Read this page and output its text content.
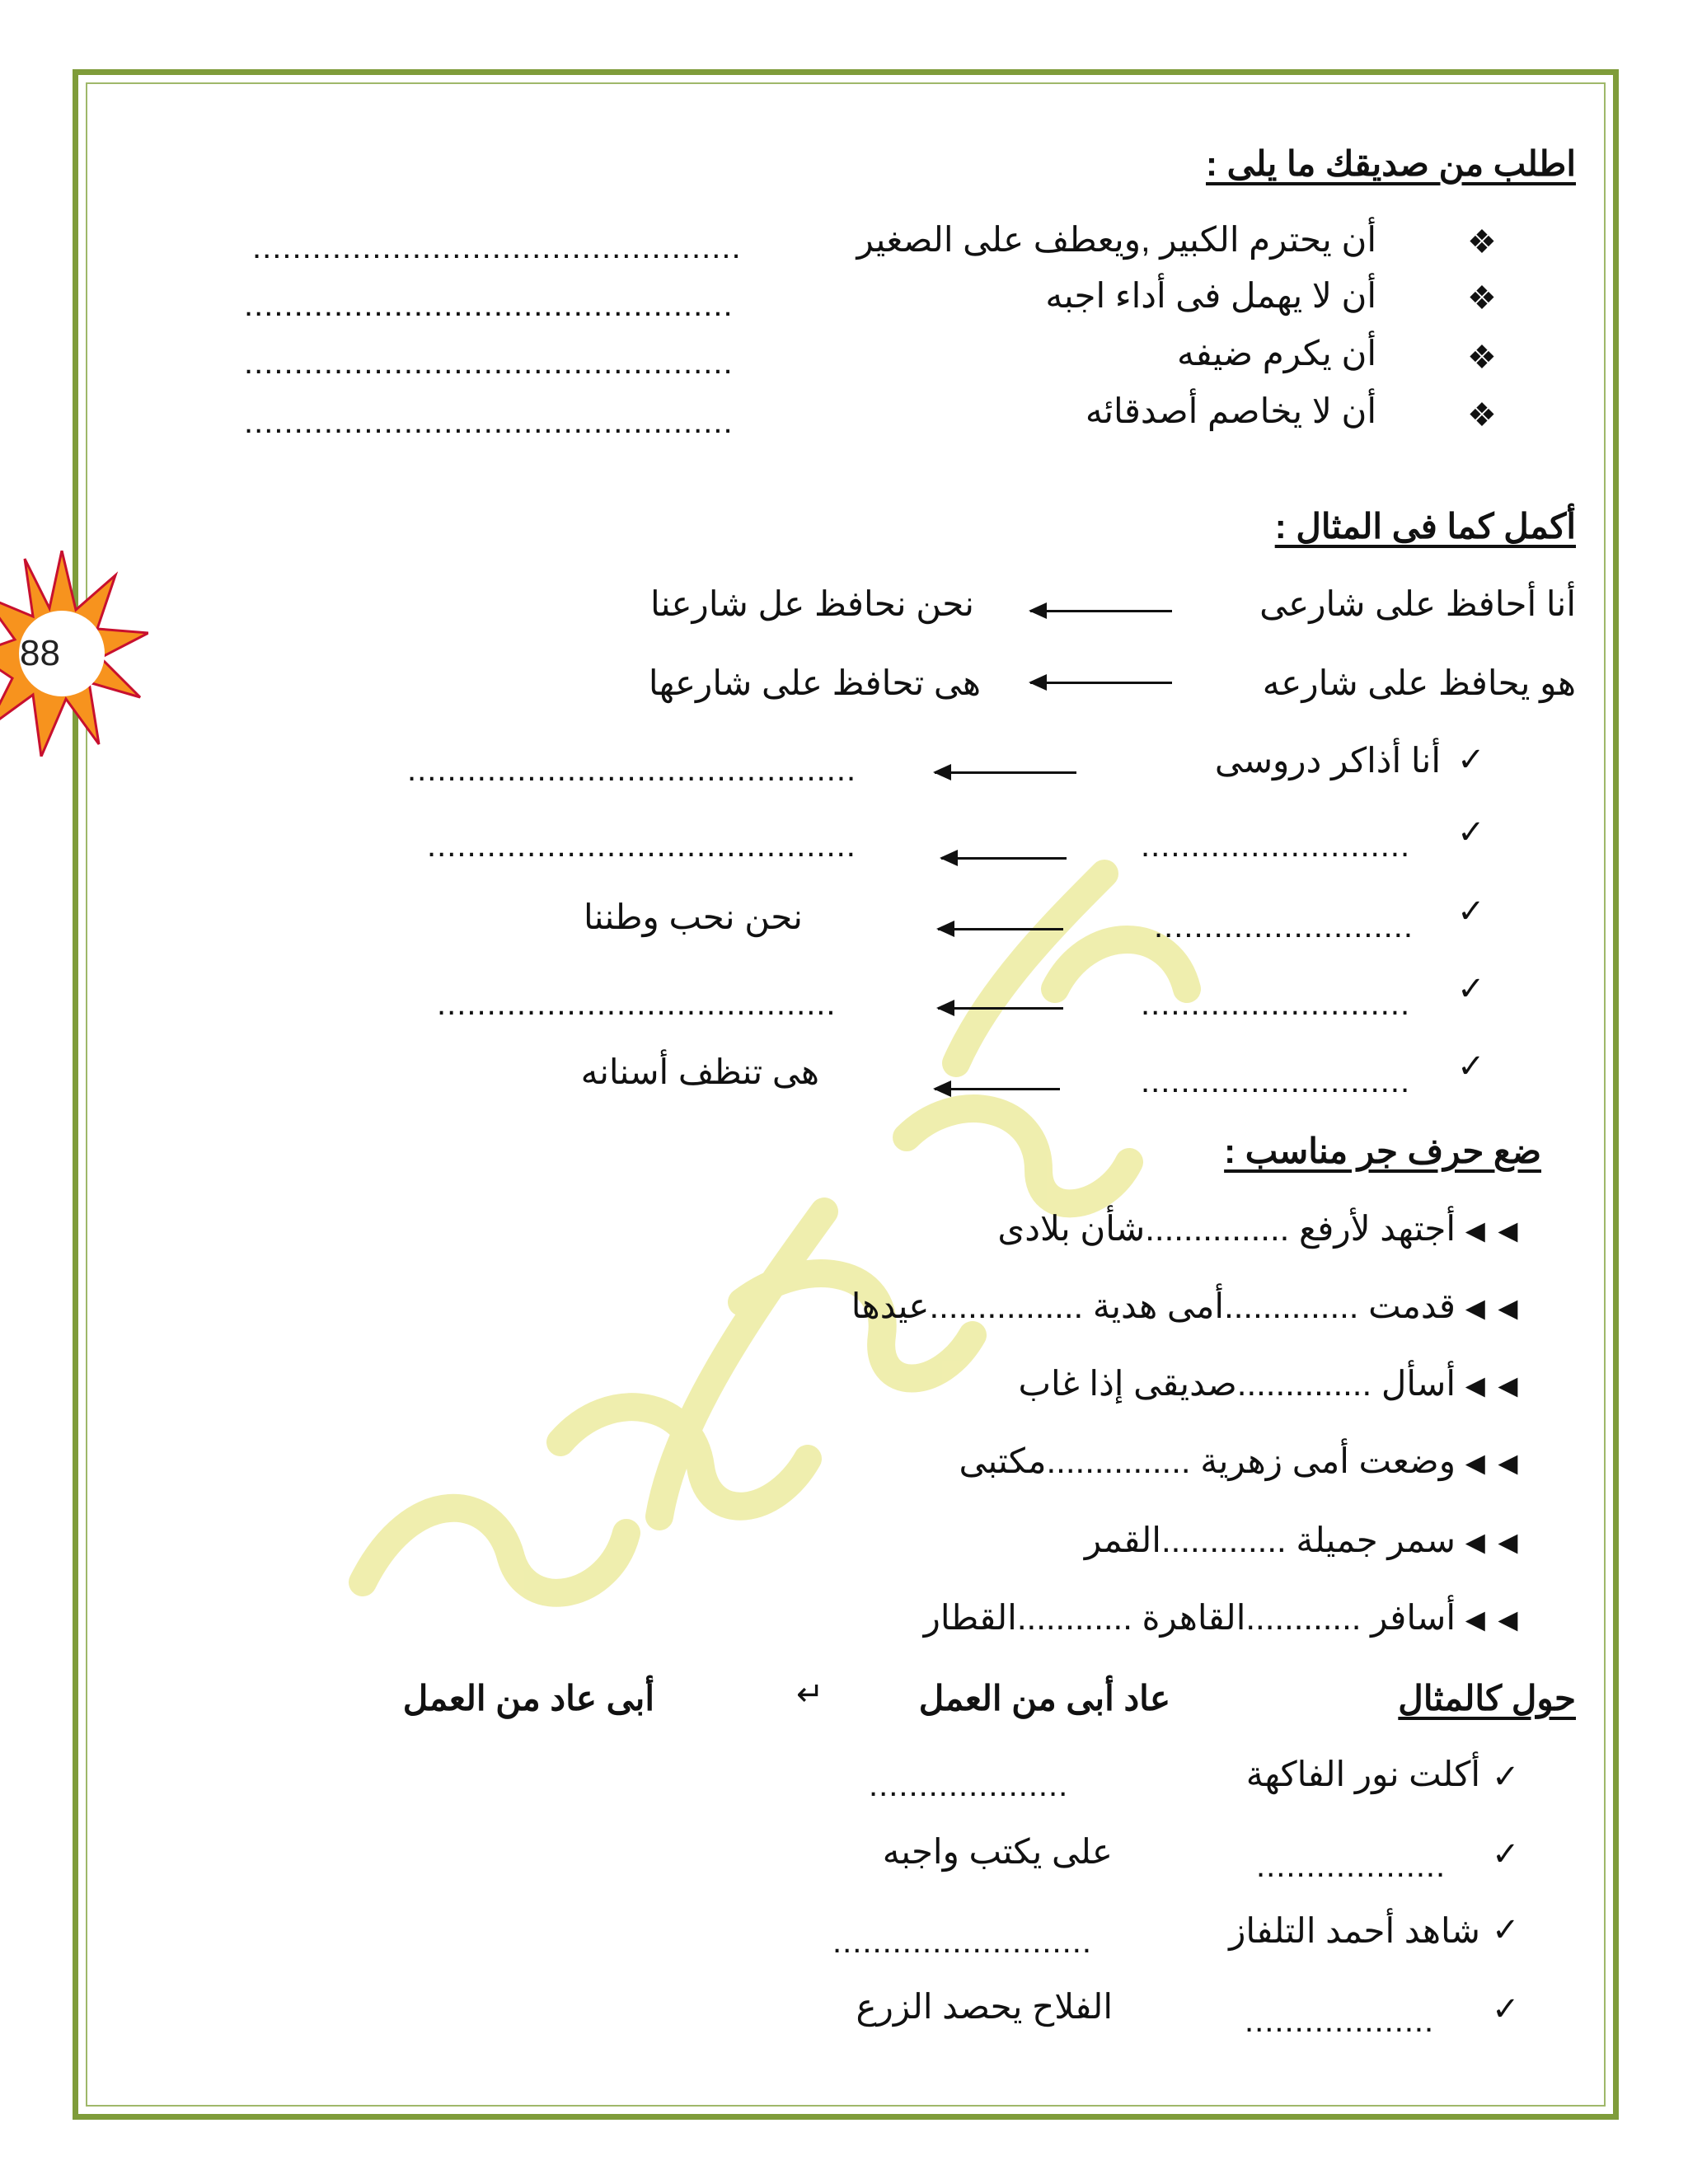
88
اطلب من صديقك ما يلى :
❖
أن يحترم الكبير ,ويعطف على الصغير
.................................................
❖
أن لا يهمل فى أداء اجبه
.................................................
❖
أن يكرم ضيفه
.................................................
❖
أن لا يخاصم أصدقائه
.................................................
أكمل كما فى المثال :
أنا أحافظ على شارعى
نحن نحافظ عل شارعنا
هو يحافظ على شارعه
هى تحافظ على شارعها
✓
أنا أذاكر دروسى
.............................................
✓
...........................
...........................................
✓
..........................
نحن نحب وطننا
✓
...........................
........................................
✓
...........................
هى تنظف أسنانه
ضع حرف جر مناسب :
◄◄
أجتهد لأرفع ...............شأن بلادى
◄◄
قدمت ..............أمى هدية ................عيدها
◄◄
أسأل ..............صديقى إذا غاب
◄◄
وضعت أمى زهرية ...............مكتبى
◄◄
سمر جميلة .............القمر
◄◄
أسافر ............القاهرة ............القطار
حول كالمثال
عاد أبى من العمل
↵
أبى عاد من العمل
✓
أكلت نور الفاكهة
....................
✓
...................
على يكتب واجبه
✓
شاهد أحمد التلفاز
..........................
✓
...................
الفلاح يحصد الزرع
